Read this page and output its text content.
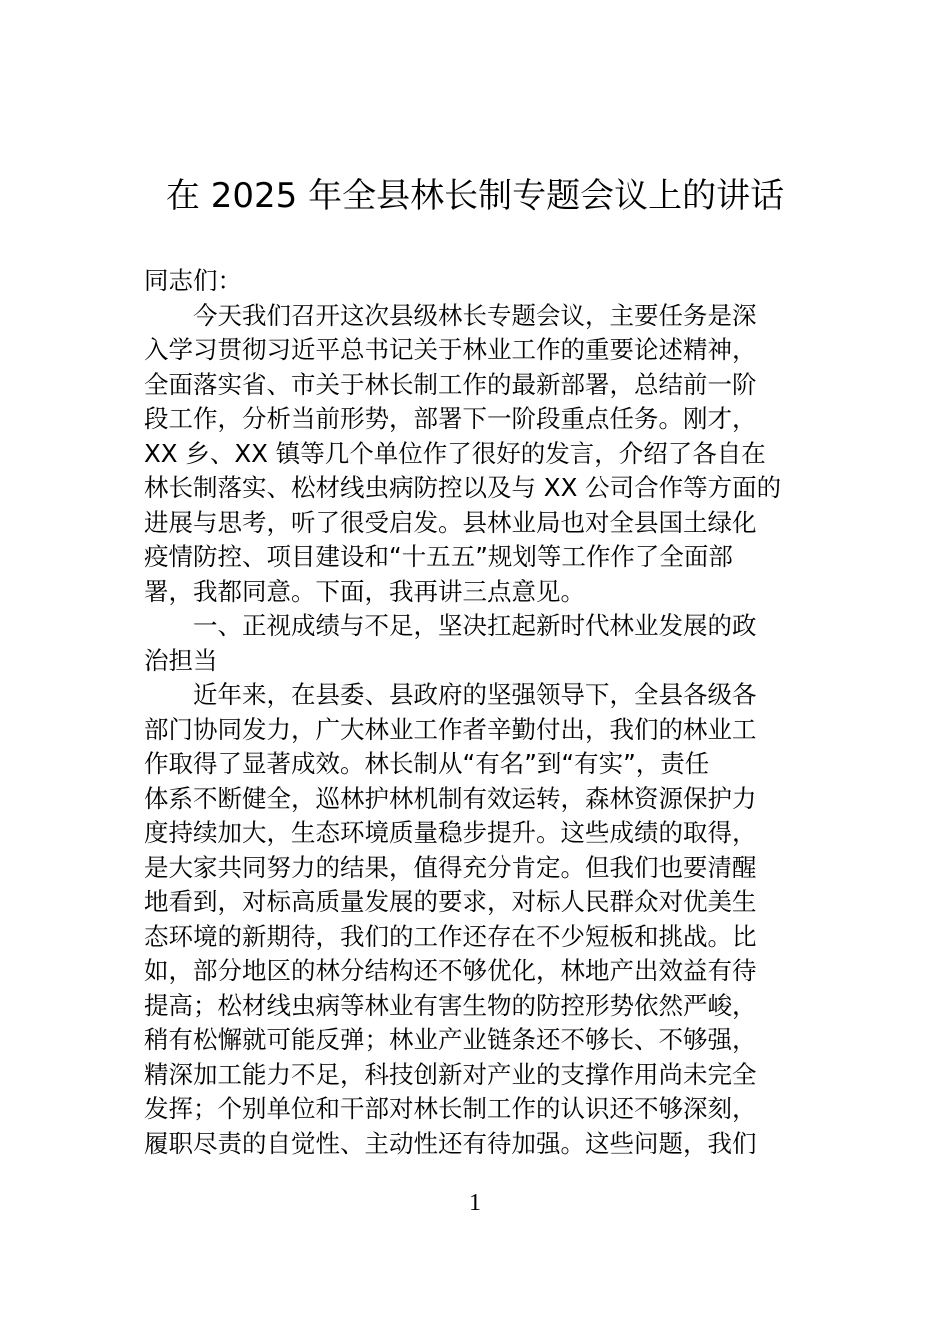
在 2025 年全县林长制专题会议上的讲话
同志们：
今天我们召开这次县级林长专题会议，主要任务是深
入学习贯彻习近平总书记关于林业工作的重要论述精神，
全面落实省、市关于林长制工作的最新部署，总结前一阶
段工作，分析当前形势，部署下一阶段重点任务。刚才，
XX 乡、XX 镇等几个单位作了很好的发言，介绍了各自在
林长制落实、松材线虫病防控以及与 XX 公司合作等方面的
进展与思考，听了很受启发。县林业局也对全县国土绿化
疫情防控、项目建设和“十五五”规划等工作作了全面部
署，我都同意。下面，我再讲三点意见。
一、正视成绩与不足，坚决扛起新时代林业发展的政
治担当
近年来，在县委、县政府的坚强领导下，全县各级各
部门协同发力，广大林业工作者辛勤付出，我们的林业工
作取得了显著成效。林长制从“有名”到“有实”，责任
体系不断健全，巡林护林机制有效运转，森林资源保护力
度持续加大，生态环境质量稳步提升。这些成绩的取得，
是大家共同努力的结果，值得充分肯定。但我们也要清醒
地看到，对标高质量发展的要求，对标人民群众对优美生
态环境的新期待，我们的工作还存在不少短板和挑战。比
如，部分地区的林分结构还不够优化，林地产出效益有待
提高；松材线虫病等林业有害生物的防控形势依然严峻，
稍有松懈就可能反弹；林业产业链条还不够长、不够强，
精深加工能力不足，科技创新对产业的支撑作用尚未完全
发挥；个别单位和干部对林长制工作的认识还不够深刻，
履职尽责的自觉性、主动性还有待加强。这些问题，我们
1
